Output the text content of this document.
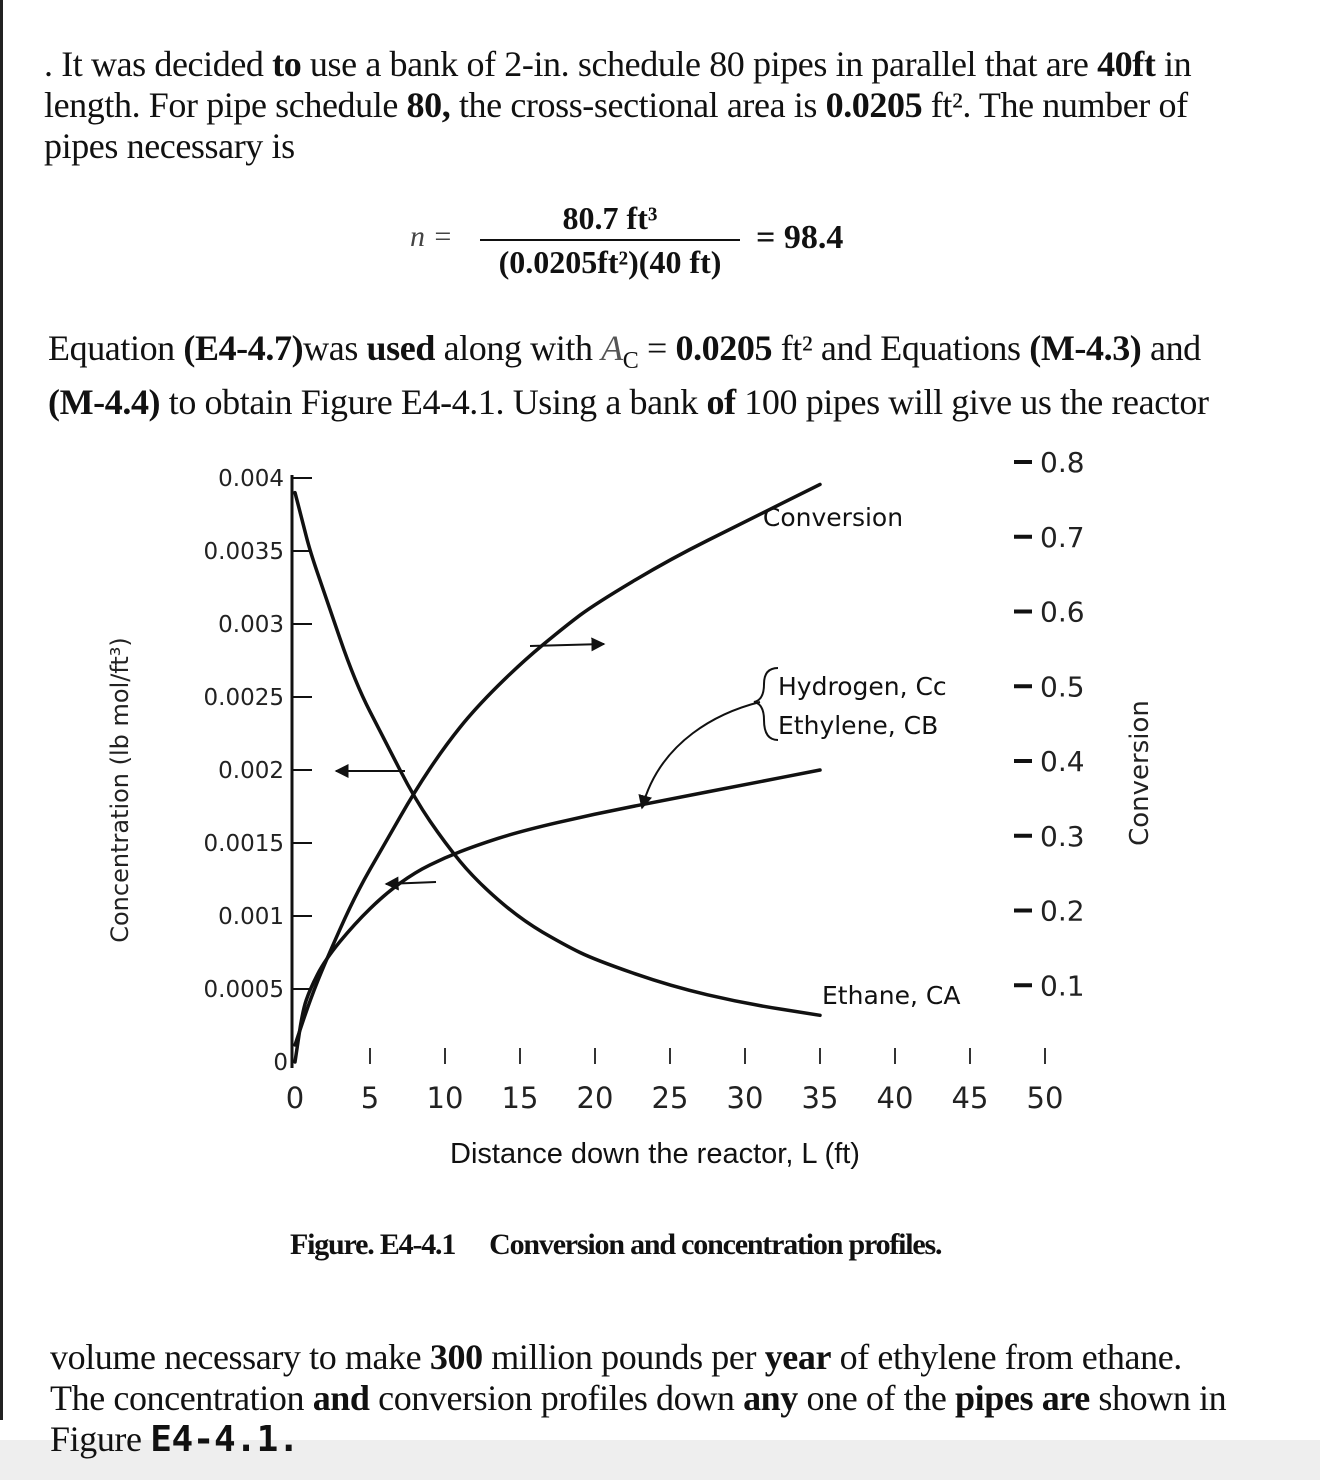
. It was decided to use a bank of 2-in. schedule 80 pipes in parallel that are 40ft in length. For pipe schedule 80, the cross-sectional area is 0.0205 ft². The number of pipes necessary is

n =
80.7 ft³
(0.0205ft²)(40 ft)
= 98.4

Equation (E4-4.7)was used along with $A_C = 0.0205$ ft² and Equations (M-4.3) and (M-4.4) to obtain Figure E4-4.1. Using a bank of 100 pipes will give us the reactor

0
0.0005
0.001
0.0015
0.002
0.0025
0.003
0.0035
0.004
0.1
0.2
0.3
0.4
0.5
0.6
0.7
0.8
0 5 10 15 20 25 30 35 40 45 50
Concentration (lb mol/ft³)	Conversion
Distance down the reactor, L (ft)
Conversion
Hydrogen, Cc
Ethylene, CB
Ethane, CA
Figure. E4-4.1 Conversion and concentration profiles.

volume necessary to make 300 million pounds per year of ethylene from ethane. The concentration and conversion profiles down any one of the pipes are shown in Figure E4-4.1.
